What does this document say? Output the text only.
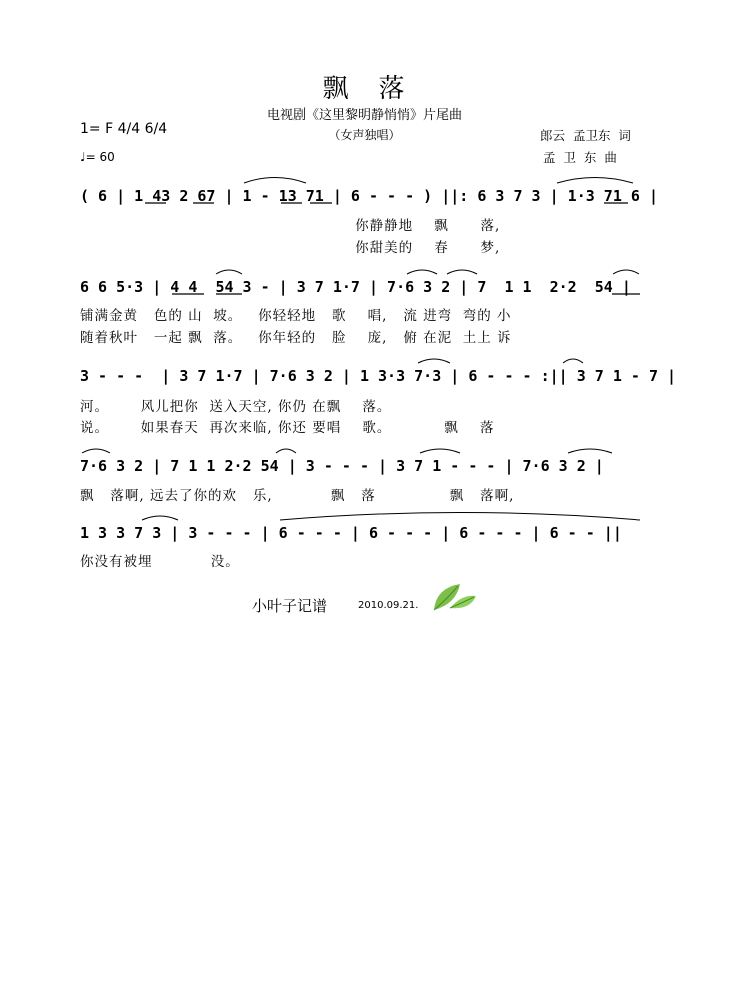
飘　落
电视剧《这里黎明静悄悄》片尾曲
（女声独唱）
1= F 4/4 6/4
♩= 60
郎云  孟卫东  词
孟  卫  东  曲
( 6 | 1 43 2 67 | 1 - 13 71 | 6 - - - ) ||: 6 3 7 3 | 1·3 71 6 |
你静静地    飘      落,
你甜美的    春      梦,
6 6 5·3 | 4 4  54 3 - | 3 7 1·7 | 7·6 3 2 | 7  1 1  2·2  54 |
铺满金黄   色的 山  坡。   你轻轻地   歌    唱,   流 进弯  弯的 小
随着秋叶   一起 飘  落。   你年轻的   脸    庞,   俯 在泥  土上 诉
3 - - -  | 3 7 1·7 | 7·6 3 2 | 1 3·3 7·3 | 6 - - - :|| 3 7 1 - 7 |
河。      风儿把你  送入天空, 你仍 在飘    落。
说。      如果春天  再次来临, 你还 要唱    歌。          飘    落
7·6 3 2 | 7 1 1 2·2 54 | 3 - - - | 3 7 1 - - - | 7·6 3 2 |
飘   落啊, 远去了你的欢   乐,           飘   落              飘   落啊,
1 3 3 7 3 | 3 - - - | 6 - - - | 6 - - - | 6 - - - | 6 - - ||
你没有被埋           没。
小叶子记谱	2010.09.21.
